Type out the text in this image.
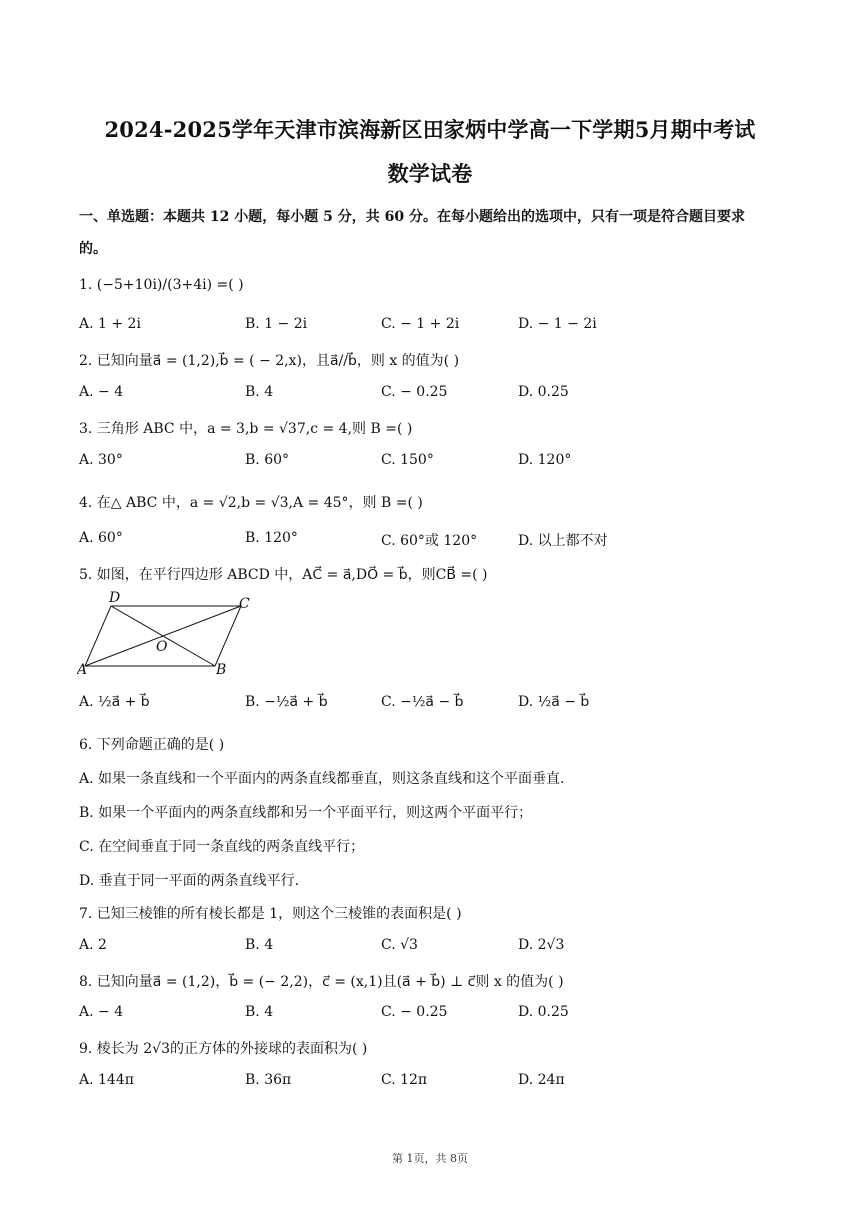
2024-2025学年天津市滨海新区田家炳中学高一下学期5月期中考试
数学试卷
一、单选题：本题共 12 小题，每小题 5 分，共 60 分。在每小题给出的选项中，只有一项是符合题目要求
的。
1. (−5+10i)/(3+4i) =( )
A. 1 + 2i	B. 1 − 2i	C. − 1 + 2i	D. − 1 − 2i
2. 已知向量a⃗ = (1,2),b⃗ = ( − 2,x)，且a⃗//b⃗，则 x 的值为( )
A. − 4	B. 4	C. − 0.25	D. 0.25
3. 三角形 ABC 中，a = 3,b = √37,c = 4,则 B =( )
A. 30°	B. 60°	C. 150°	D. 120°
4. 在△ ABC 中，a = √2,b = √3,A = 45°，则 B =( )
A. 60°	B. 120°	C. 60°或 120°	D. 以上都不对
5. 如图，在平行四边形 ABCD 中，AC⃗ = a⃗,DO⃗ = b⃗，则CB⃗ =( )
A	B
C
D
O
A. ½a⃗ + b⃗	B. −½a⃗ + b⃗	C. −½a⃗ − b⃗	D. ½a⃗ − b⃗
6. 下列命题正确的是( )
A. 如果一条直线和一个平面内的两条直线都垂直，则这条直线和这个平面垂直.
B. 如果一个平面内的两条直线都和另一个平面平行，则这两个平面平行；
C. 在空间垂直于同一条直线的两条直线平行；
D. 垂直于同一平面的两条直线平行.
7. 已知三棱锥的所有棱长都是 1，则这个三棱锥的表面积是( )
A. 2	B. 4	C. √3	D. 2√3
8. 已知向量a⃗ = (1,2)，b⃗ = (− 2,2)，c⃗ = (x,1)且(a⃗ + b⃗) ⊥ c⃗则 x 的值为( )
A. − 4	B. 4	C. − 0.25	D. 0.25
9. 棱长为 2√3的正方体的外接球的表面积为( )
A. 144π	B. 36π	C. 12π	D. 24π
第 1页，共 8页
